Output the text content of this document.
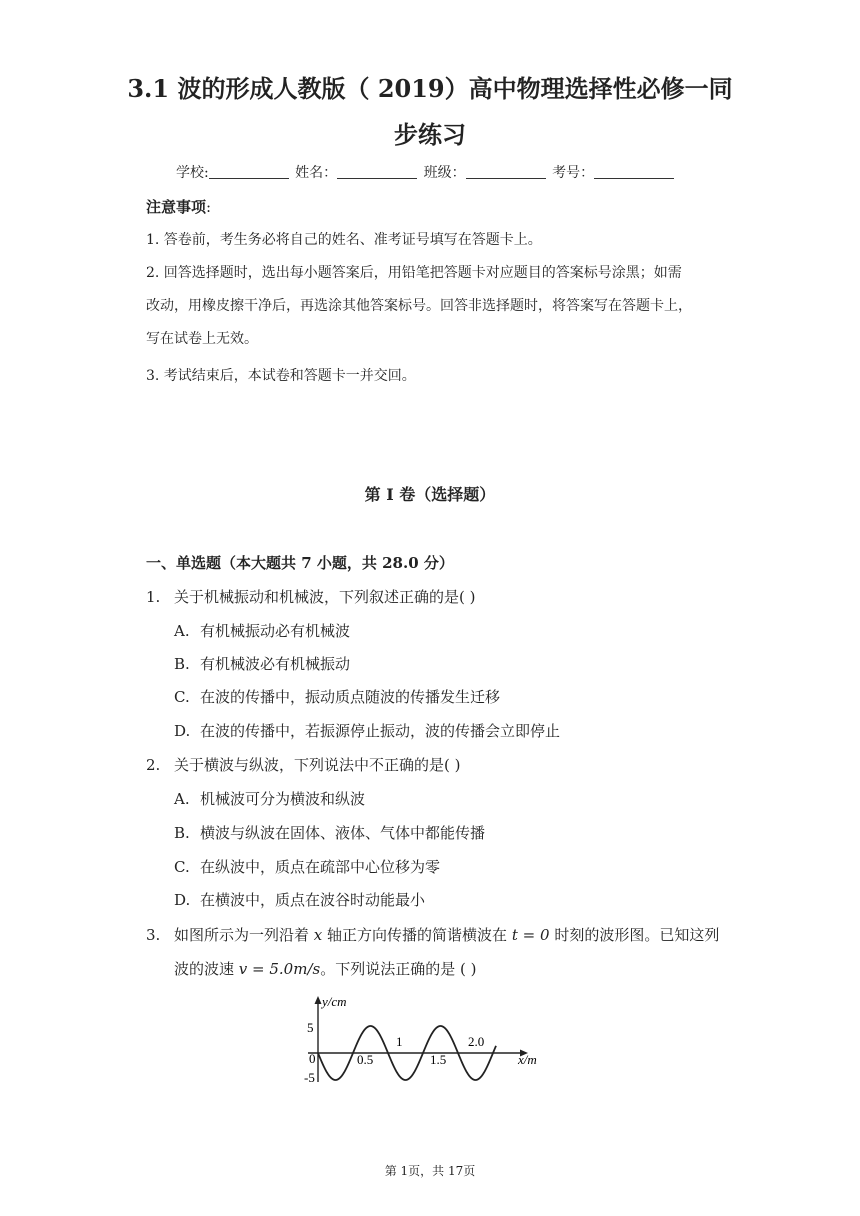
3.1 波的形成人教版（ 2019）高中物理选择性必修一同
步练习
学校:	姓名：	班级：	考号：
注意事项:
1. 答卷前，考生务必将自己的姓名、准考证号填写在答题卡上。
2. 回答选择题时，选出每小题答案后，用铅笔把答题卡对应题目的答案标号涂黑；如需
改动，用橡皮擦干净后，再选涂其他答案标号。回答非选择题时，将答案写在答题卡上，
写在试卷上无效。
3. 考试结束后，本试卷和答题卡一并交回。
第 I 卷（选择题）
一、单选题（本大题共 7 小题，共 28.0 分）
1. 关于机械振动和机械波，下列叙述正确的是( )
A. 有机械振动必有机械波
B. 有机械波必有机械振动
C. 在波的传播中，振动质点随波的传播发生迁移
D. 在波的传播中，若振源停止振动，波的传播会立即停止
2. 关于横波与纵波，下列说法中不正确的是( )
A. 机械波可分为横波和纵波
B. 横波与纵波在固体、液体、气体中都能传播
C. 在纵波中，质点在疏部中心位移为零
D. 在横波中，质点在波谷时动能最小
3. 如图所示为一列沿着 x 轴正方向传播的简谐横波在 t = 0 时刻的波形图。已知这列
波的波速 v = 5.0m/s。下列说法正确的是 ( )
y/cm
x/m
5
-5
0	0.5
1
1.5
2.0
第 1页，共 17页
